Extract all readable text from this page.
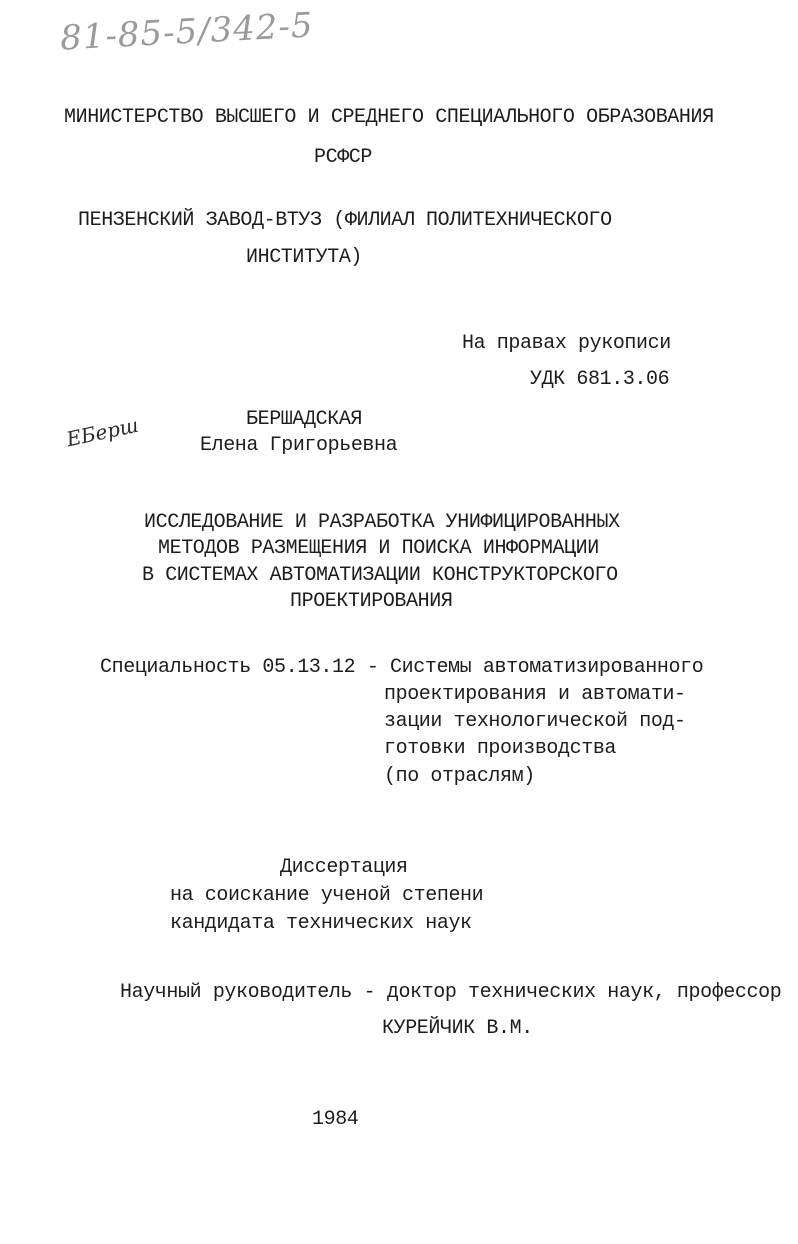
81-85-5/342-5
МИНИСТЕРСТВО ВЫСШЕГО И СРЕДНЕГО СПЕЦИАЛЬНОГО ОБРАЗОВАНИЯ
РСФСР
ПЕНЗЕНСКИЙ ЗАВОД-ВТУЗ (ФИЛИАЛ ПОЛИТЕХНИЧЕСКОГО
ИНСТИТУТА)
На правах рукописи
УДК 681.3.06
EБерш	БЕРШАДСКАЯ
Елена Григорьевна
ИССЛЕДОВАНИЕ И РАЗРАБОТКА УНИФИЦИРОВАННЫХ
МЕТОДОВ РАЗМЕЩЕНИЯ И ПОИСКА ИНФОРМАЦИИ
В СИСТЕМАХ АВТОМАТИЗАЦИИ КОНСТРУКТОРСКОГО
ПРОЕКТИРОВАНИЯ
Специальность 05.13.12 - Системы автоматизированного
проектирования и автомати-
зации технологической под-
готовки производства
(по отраслям)
Диссертация
на соискание ученой степени
кандидата технических наук
Научный руководитель - доктор технических наук, профессор
КУРЕЙЧИК В.М.
1984
